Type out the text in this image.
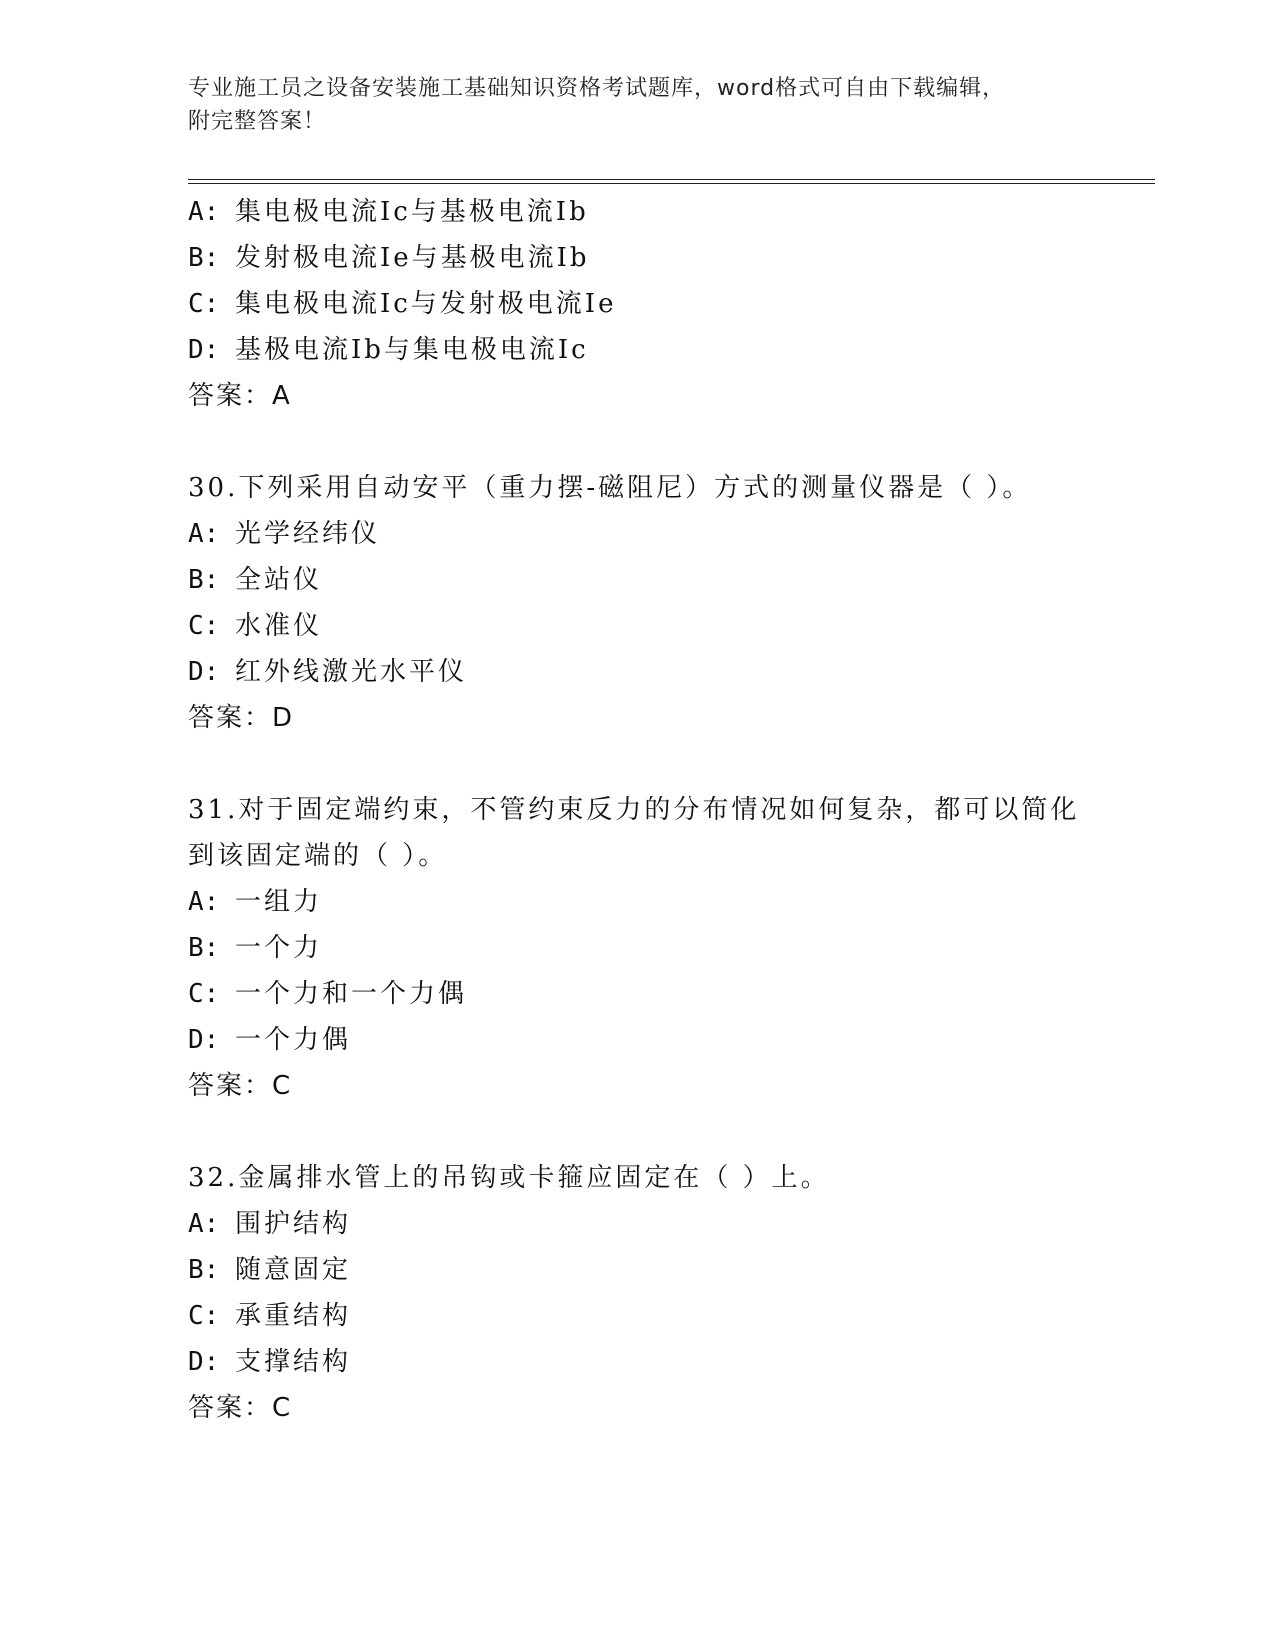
专业施工员之设备安装施工基础知识资格考试题库，word格式可自由下载编辑，
附完整答案！
A: 集电极电流Ic与基极电流Ib
B: 发射极电流Ie与基极电流Ib
C: 集电极电流Ic与发射极电流Ie
D: 基极电流Ib与集电极电流Ic
答案：A
30.下列采用自动安平（重力摆-磁阻尼）方式的测量仪器是（ ）。
A: 光学经纬仪
B: 全站仪
C: 水准仪
D: 红外线激光水平仪
答案：D
31.对于固定端约束，不管约束反力的分布情况如何复杂，都可以简化
到该固定端的（ ）。
A: 一组力
B: 一个力
C: 一个力和一个力偶
D: 一个力偶
答案：C
32.金属排水管上的吊钩或卡箍应固定在（ ）上。
A: 围护结构
B: 随意固定
C: 承重结构
D: 支撑结构
答案：C
